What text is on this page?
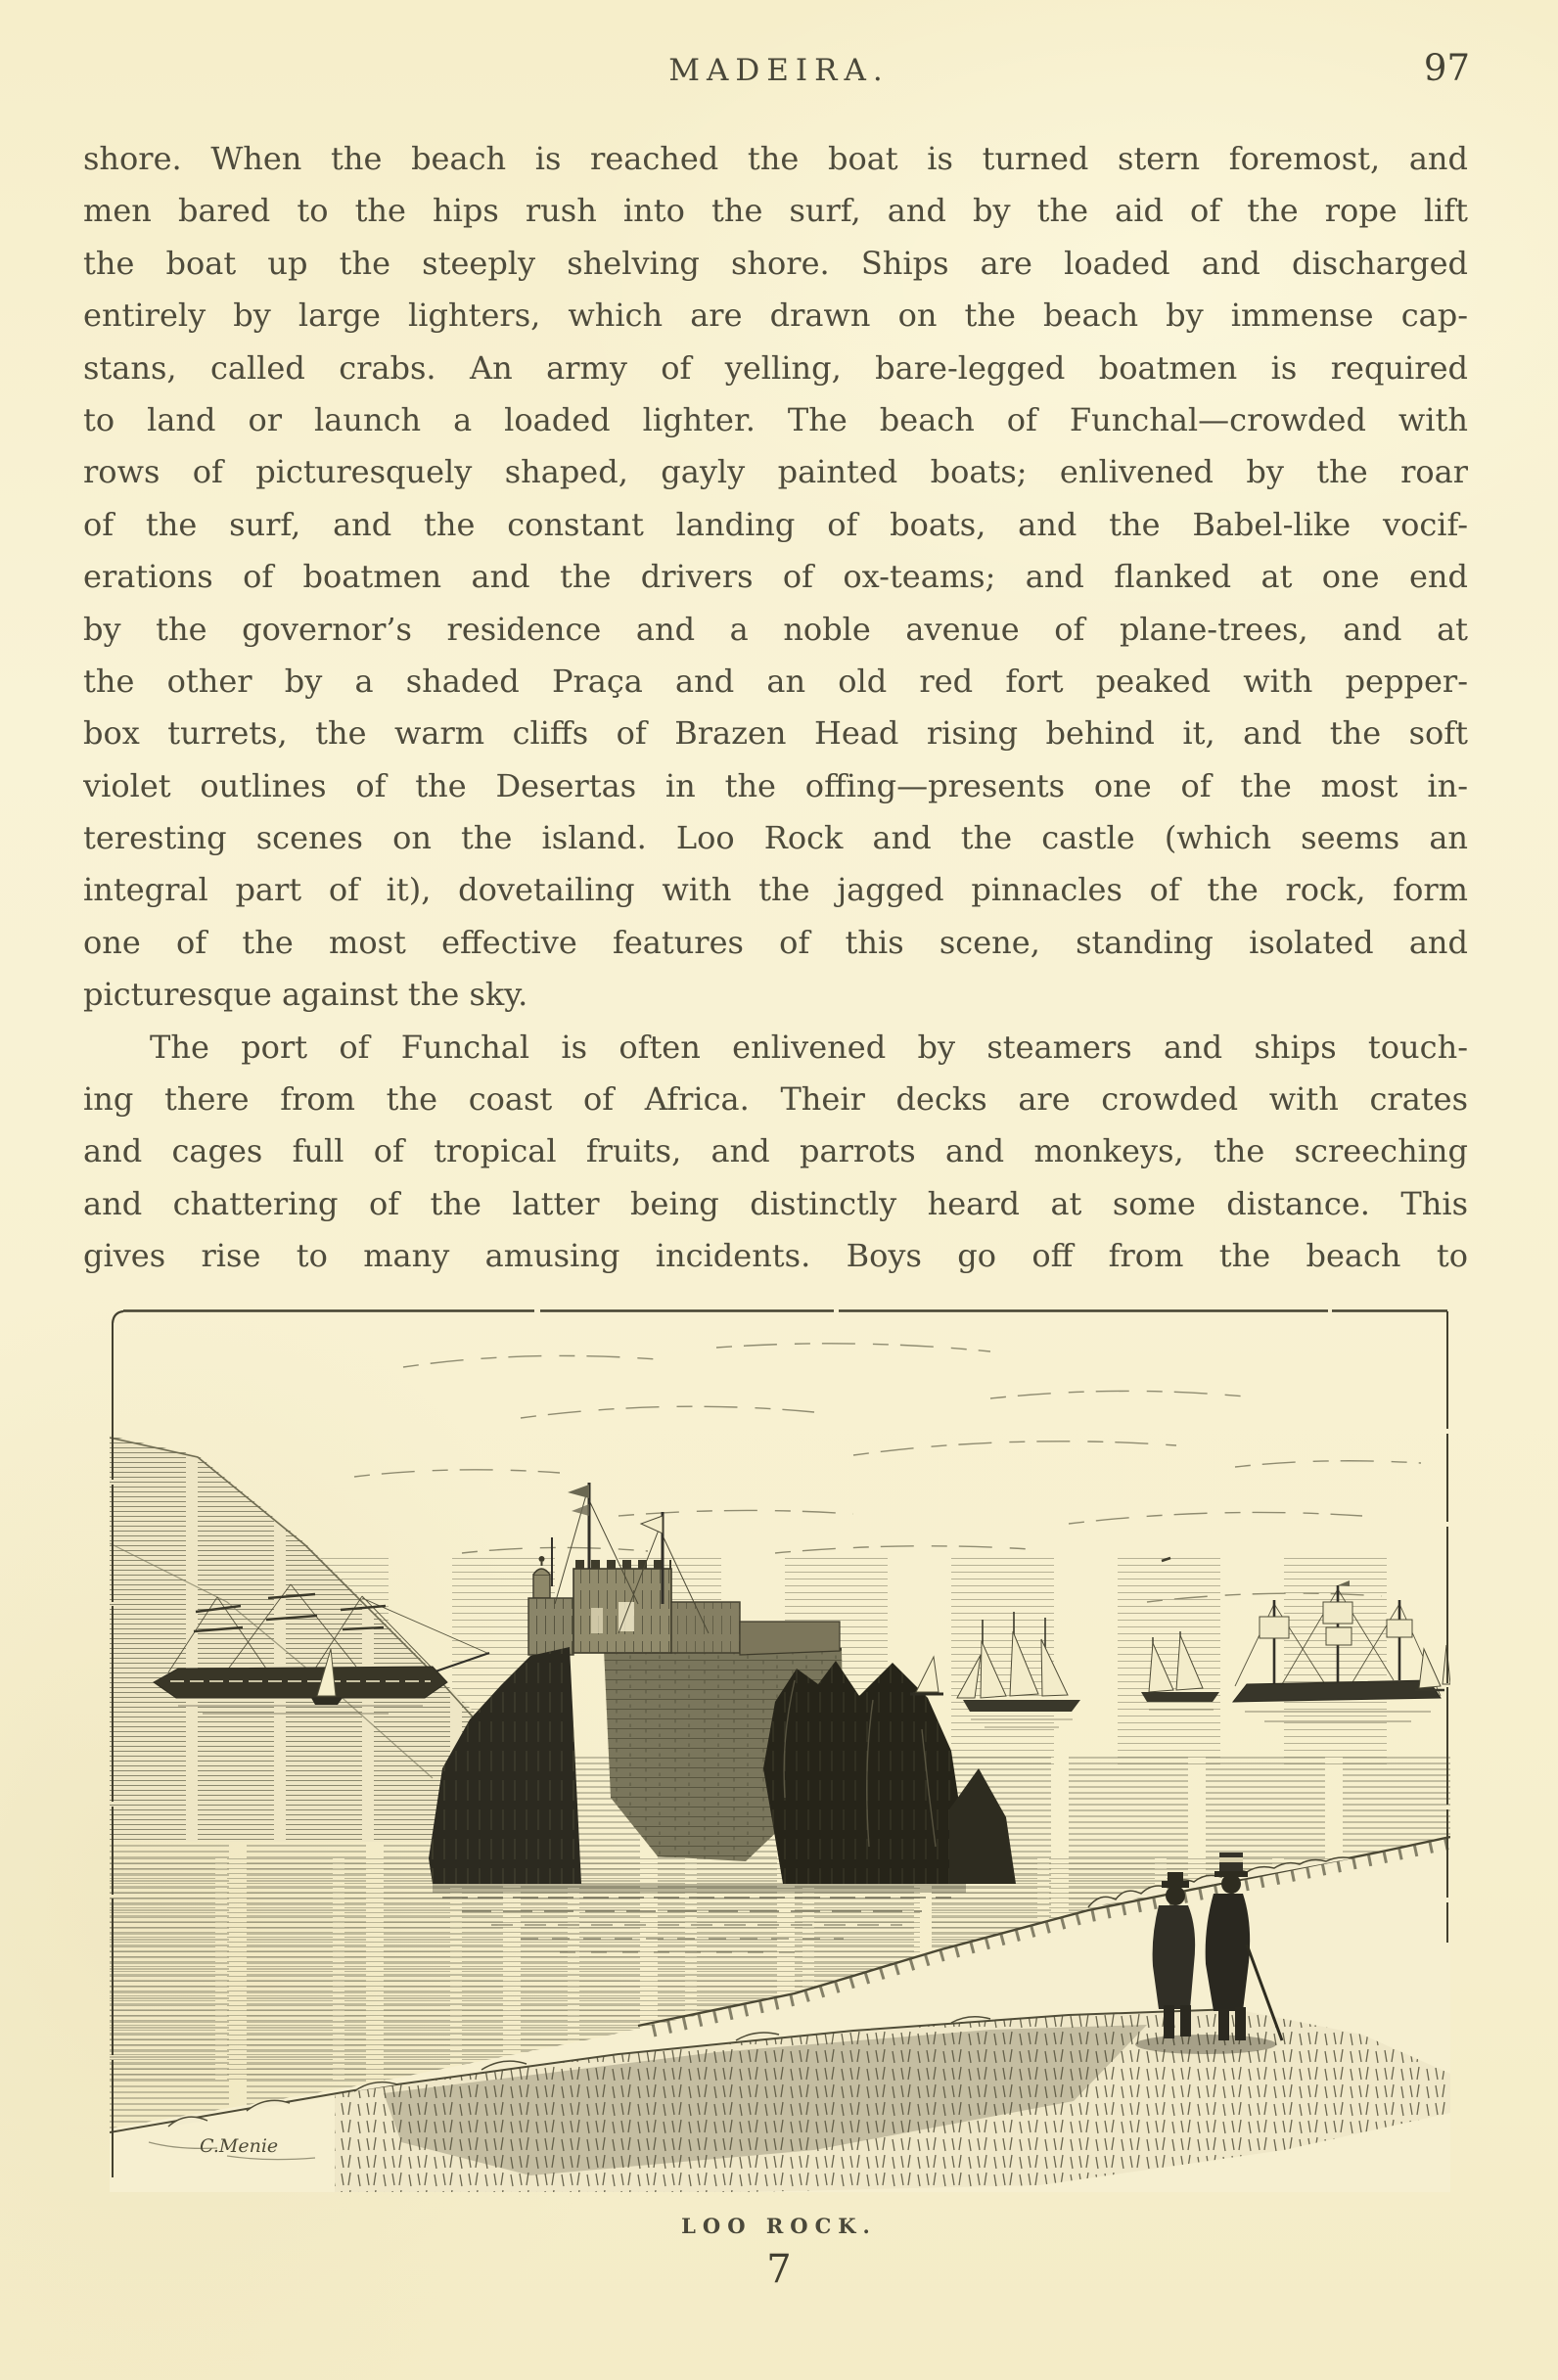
MADEIRA.	97
shore. When the beach is reached the boat is turned stern foremost, and
men bared to the hips rush into the surf, and by the aid of the rope lift
the boat up the steeply shelving shore. Ships are loaded and discharged
entirely by large lighters, which are drawn on the beach by immense cap-
stans, called crabs. An army of yelling, bare-legged boatmen is required
to land or launch a loaded lighter. The beach of Funchal—crowded with
rows of picturesquely shaped, gayly painted boats; enlivened by the roar
of the surf, and the constant landing of boats, and the Babel-like vocif-
erations of boatmen and the drivers of ox-teams; and flanked at one end
by the governor’s residence and a noble avenue of plane-trees, and at
the other by a shaded Praça and an old red fort peaked with pepper-
box turrets, the warm cliffs of Brazen Head rising behind it, and the soft
violet outlines of the Desertas in the offing—presents one of the most in-
teresting scenes on the island. Loo Rock and the castle (which seems an
integral part of it), dovetailing with the jagged pinnacles of the rock, form
one of the most effective features of this scene, standing isolated and
picturesque against the sky.
The port of Funchal is often enlivened by steamers and ships touch-
ing there from the coast of Africa. Their decks are crowded with crates
and cages full of tropical fruits, and parrots and monkeys, the screeching
and chattering of the latter being distinctly heard at some distance. This
gives rise to many amusing incidents. Boys go off from the beach to
C.Menie
LOO ROCK.
7
